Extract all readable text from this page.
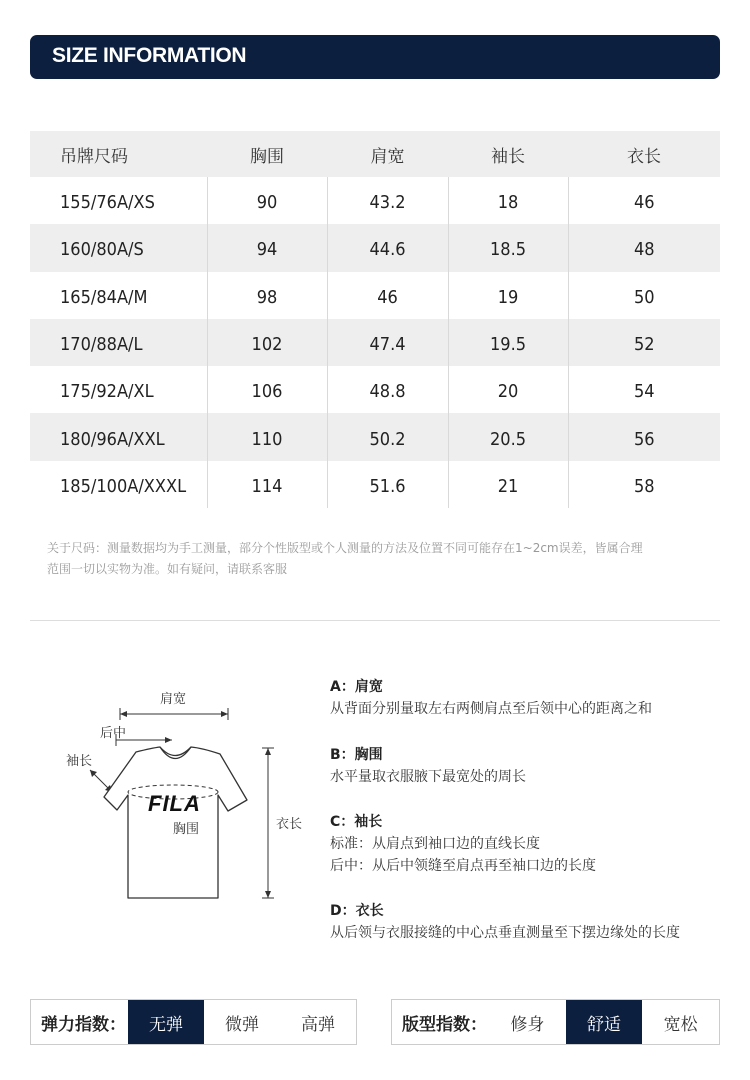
SIZE INFORMATION
吊牌尺码	胸围	肩宽	袖长	衣长
155/76A/XS	90	43.2	18	46
160/80A/S	94	44.6	18.5	48
165/84A/M	98	46	19	50
170/88A/L	102	47.4	19.5	52
175/92A/XL	106	48.8	20	54
180/96A/XXL	110	50.2	20.5	56
185/100A/XXXL	114	51.6	21	58
关于尺码：测量数据均为手工测量，部分个性版型或个人测量的方法及位置不同可能存在1~2cm误差，皆属合理
范围一切以实物为准。如有疑问，请联系客服
肩宽
后中
袖长
衣长
FILA
胸围
A：肩宽
从背面分别量取左右两侧肩点至后领中心的距离之和
B：胸围
水平量取衣服腋下最宽处的周长
C：袖长
标准：从肩点到袖口边的直线长度
后中：从后中领缝至肩点再至袖口边的长度
D：衣长
从后领与衣服接缝的中心点垂直测量至下摆边缘处的长度
弹力指数：	无弹	微弹	高弹	版型指数：	修身	舒适	宽松
